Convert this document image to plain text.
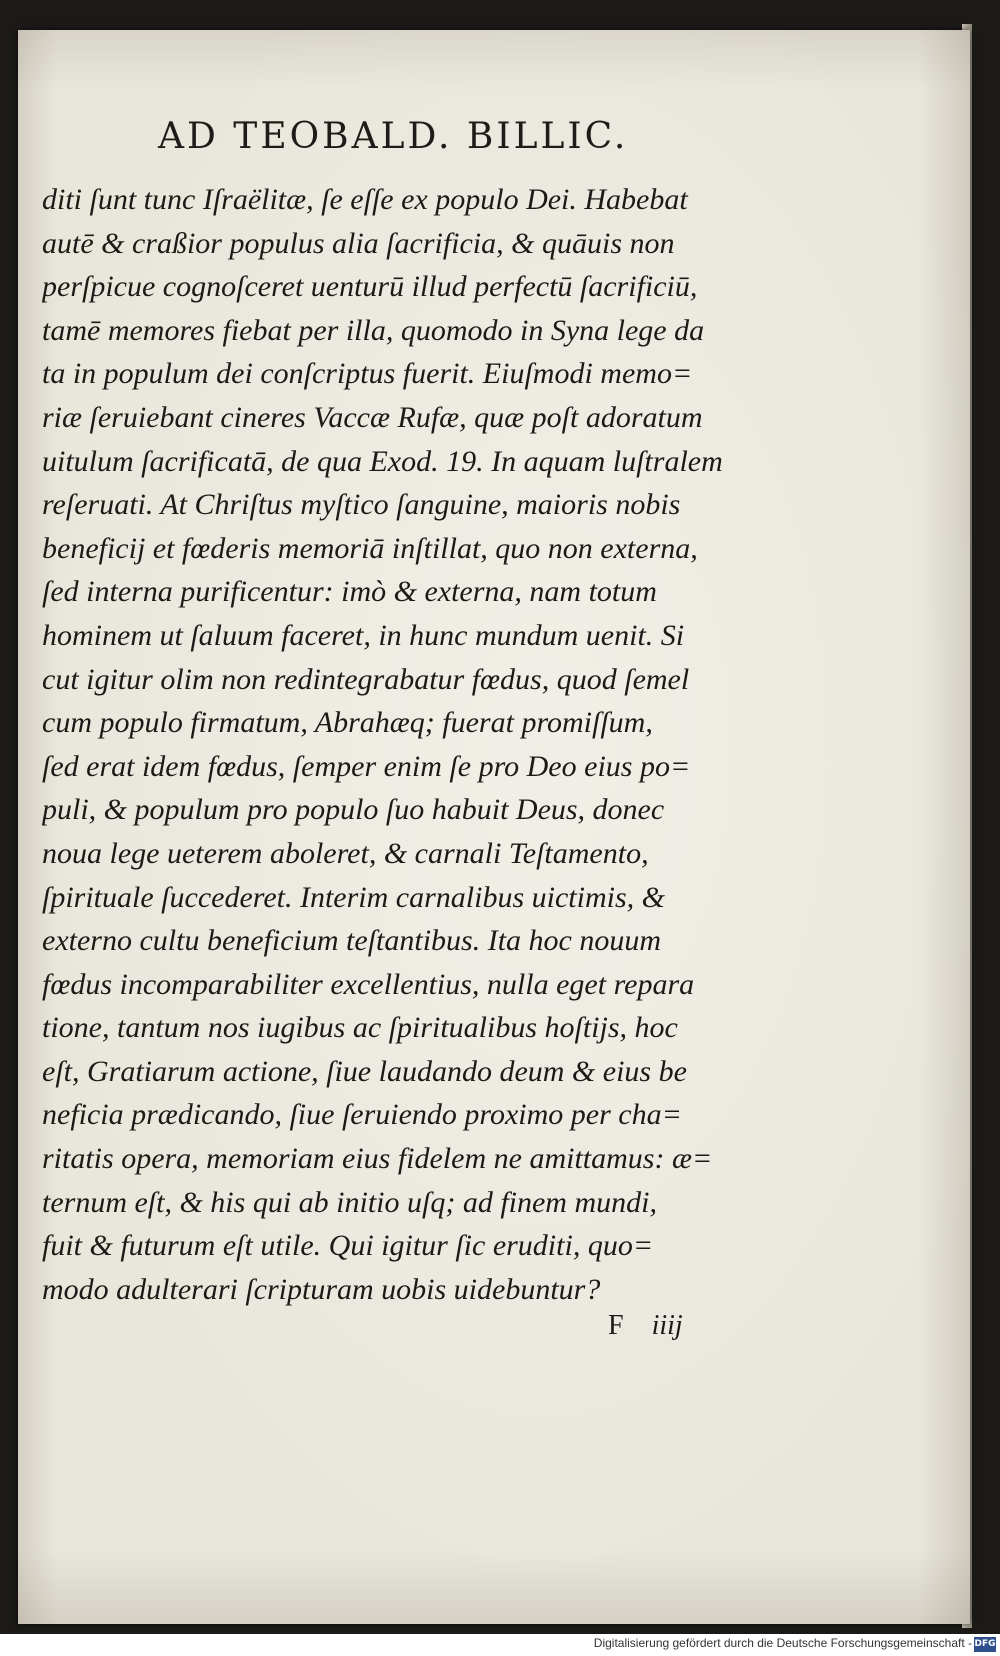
AD TEOBALD. BILLIC.
diti ſunt tunc Iſraëlitæ, ſe eſſe ex populo Dei. Habebat
autē & craßior populus alia ſacrificia, & quāuis non
perſpicue cognoſceret uenturū illud perfectū ſacrificiū,
tamē memores fiebat per illa, quomodo in Syna lege da
ta in populum dei conſcriptus fuerit. Eiuſmodi memo=
riæ ſeruiebant cineres Vaccæ Rufæ, quæ poſt adoratum
uitulum ſacrificatā, de qua Exod. 19. In aquam luſtralem
reſeruati. At Chriſtus myſtico ſanguine, maioris nobis
beneficij et fœderis memoriā inſtillat, quo non externa,
ſed interna purificentur: imò & externa, nam totum
hominem ut ſaluum faceret, in hunc mundum uenit. Si
cut igitur olim non redintegrabatur fœdus, quod ſemel
cum populo firmatum, Abrahæq; fuerat promiſſum,
ſed erat idem fœdus, ſemper enim ſe pro Deo eius po=
puli, & populum pro populo ſuo habuit Deus, donec
noua lege ueterem aboleret, & carnali Teſtamento,
ſpirituale ſuccederet. Interim carnalibus uictimis, &
externo cultu beneficium teſtantibus. Ita hoc nouum
fœdus incomparabiliter excellentius, nulla eget repara
tione, tantum nos iugibus ac ſpiritualibus hoſtijs, hoc
eſt, Gratiarum actione, ſiue laudando deum & eius be
neficia prædicando, ſiue ſeruiendo proximo per cha=
ritatis opera, memoriam eius fidelem ne amittamus: æ=
ternum eſt, & his qui ab initio uſq; ad finem mundi,
fuit & futurum eſt utile. Qui igitur ſic eruditi, quo=
modo adulterari ſcripturam uobis uidebuntur?
F iiij
Digitalisierung gefördert durch die Deutsche Forschungsgemeinschaft - DFG
